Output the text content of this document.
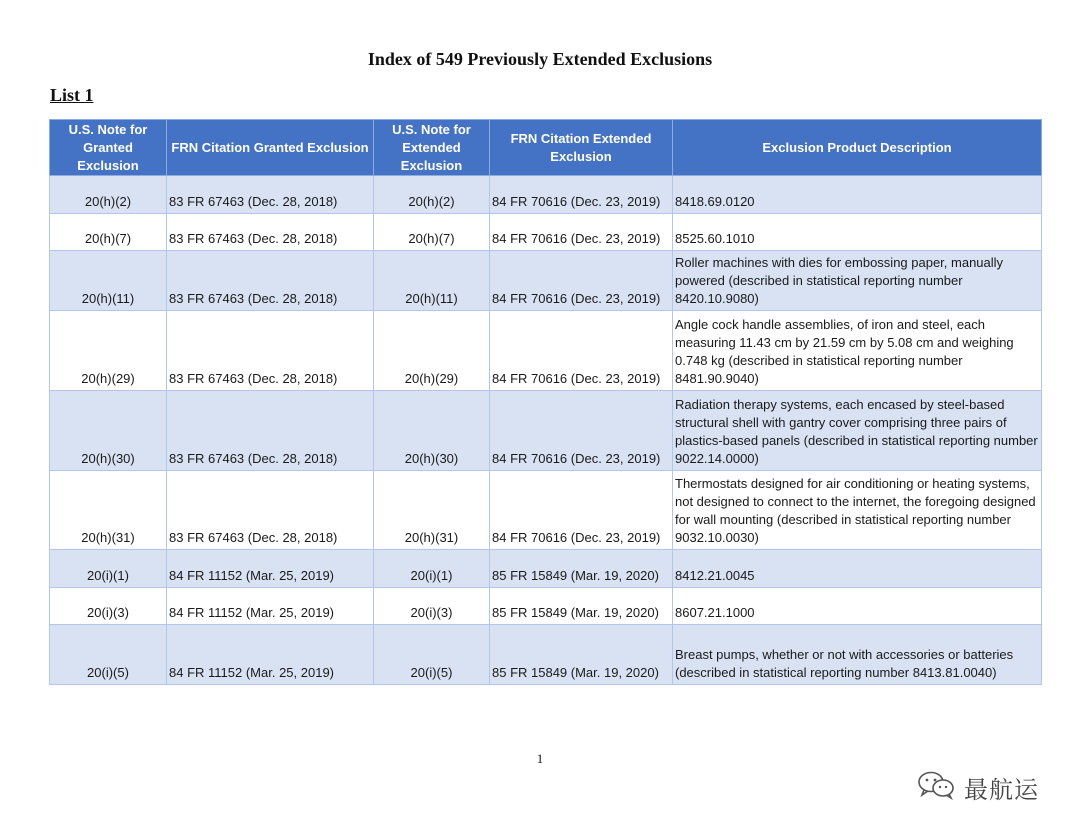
Index of 549 Previously Extended Exclusions
List 1
U.S. Note for Granted Exclusion	FRN Citation Granted Exclusion	U.S. Note for Extended Exclusion	FRN Citation Extended Exclusion	Exclusion Product Description
20(h)(2)	83 FR 67463 (Dec. 28, 2018)	20(h)(2)	84 FR 70616 (Dec. 23, 2019)	8418.69.0120
20(h)(7)	83 FR 67463 (Dec. 28, 2018)	20(h)(7)	84 FR 70616 (Dec. 23, 2019)	8525.60.1010
20(h)(11)	83 FR 67463 (Dec. 28, 2018)	20(h)(11)	84 FR 70616 (Dec. 23, 2019)	Roller machines with dies for embossing paper, manually powered (described in statistical reporting number 8420.10.9080)
20(h)(29)	83 FR 67463 (Dec. 28, 2018)	20(h)(29)	84 FR 70616 (Dec. 23, 2019)	Angle cock handle assemblies, of iron and steel, each measuring 11.43 cm by 21.59 cm by 5.08 cm and weighing 0.748 kg (described in statistical reporting number 8481.90.9040)
20(h)(30)	83 FR 67463 (Dec. 28, 2018)	20(h)(30)	84 FR 70616 (Dec. 23, 2019)	Radiation therapy systems, each encased by steel-based structural shell with gantry cover comprising three pairs of plastics-based panels (described in statistical reporting number 9022.14.0000)
20(h)(31)	83 FR 67463 (Dec. 28, 2018)	20(h)(31)	84 FR 70616 (Dec. 23, 2019)	Thermostats designed for air conditioning or heating systems, not designed to connect to the internet, the foregoing designed for wall mounting (described in statistical reporting number 9032.10.0030)
20(i)(1)	84 FR 11152 (Mar. 25, 2019)	20(i)(1)	85 FR 15849 (Mar. 19, 2020)	8412.21.0045
20(i)(3)	84 FR 11152 (Mar. 25, 2019)	20(i)(3)	85 FR 15849 (Mar. 19, 2020)	8607.21.1000
20(i)(5)	84 FR 11152 (Mar. 25, 2019)	20(i)(5)	85 FR 15849 (Mar. 19, 2020)	Breast pumps, whether or not with accessories or batteries (described in statistical reporting number 8413.81.0040)
1
最航运
